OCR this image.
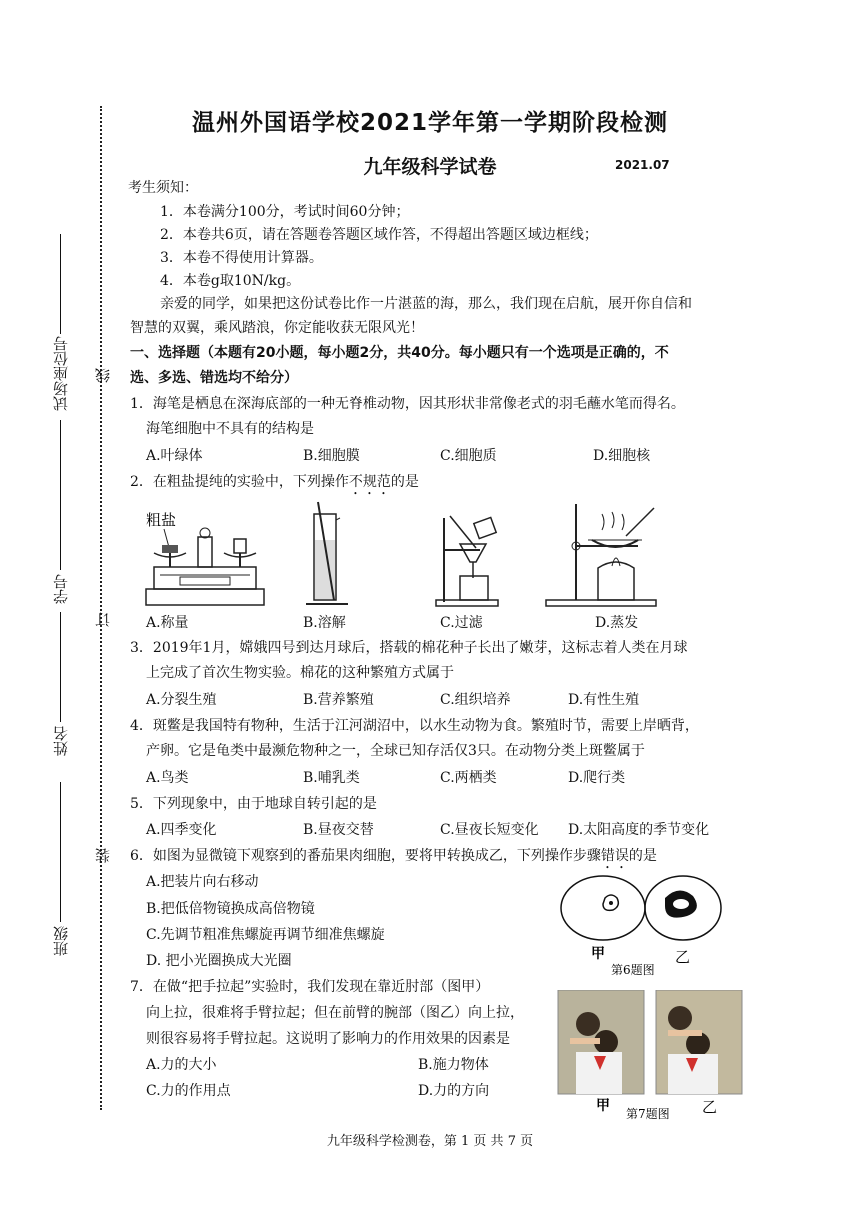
线
订
装
试场座位号
学号
姓名
班级
温州外国语学校2021学年第一学期阶段检测
九年级科学试卷	2021.07
考生须知：
1．本卷满分100分，考试时间60分钟；
2．本卷共6页，请在答题卷答题区域作答，不得超出答题区域边框线；
3．本卷不得使用计算器。
4．本卷g取10N/kg。
亲爱的同学，如果把这份试卷比作一片湛蓝的海，那么，我们现在启航，展开你自信和
智慧的双翼，乘风踏浪，你定能收获无限风光！
一、选择题（本题有20小题，每小题2分，共40分。每小题只有一个选项是正确的，不
选、多选、错选均不给分）
1．海笔是栖息在深海底部的一种无脊椎动物，因其形状非常像老式的羽毛蘸水笔而得名。
海笔细胞中不具有的结构是
A.叶绿体	B.细胞膜	C.细胞质	D.细胞核
2．在粗盐提纯的实验中，下列操作不规范的是
粗盐
A.称量	B.溶解	C.过滤	D.蒸发
3．2019年1月，嫦娥四号到达月球后，搭载的棉花种子长出了嫩芽，这标志着人类在月球
上完成了首次生物实验。棉花的这种繁殖方式属于
A.分裂生殖	B.营养繁殖	C.组织培养	D.有性生殖
4．斑鳖是我国特有物种，生活于江河湖沼中，以水生动物为食。繁殖时节，需要上岸晒背，
产卵。它是龟类中最濒危物种之一，全球已知存活仅3只。在动物分类上斑鳖属于
A.鸟类	B.哺乳类	C.两栖类	D.爬行类
5．下列现象中，由于地球自转引起的是
A.四季变化	B.昼夜交替	C.昼夜长短变化 D.太阳高度的季节变化
6．如图为显微镜下观察到的番茄果肉细胞，要将甲转换成乙，下列操作步骤错误的是
A.把装片向右移动
B.把低倍物镜换成高倍物镜
C.先调节粗准焦螺旋再调节细准焦螺旋
D. 把小光圈换成大光圈	甲	乙
第6题图
7．在做“把手拉起”实验时，我们发现在靠近肘部（图甲）
向上拉，很难将手臂拉起；但在前臂的腕部（图乙）向上拉，
则很容易将手臂拉起。这说明了影响力的作用效果的因素是
A.力的大小	B.施力物体
C.力的作用点	D.力的方向
甲	乙
第7题图
九年级科学检测卷，第 1 页 共 7 页
